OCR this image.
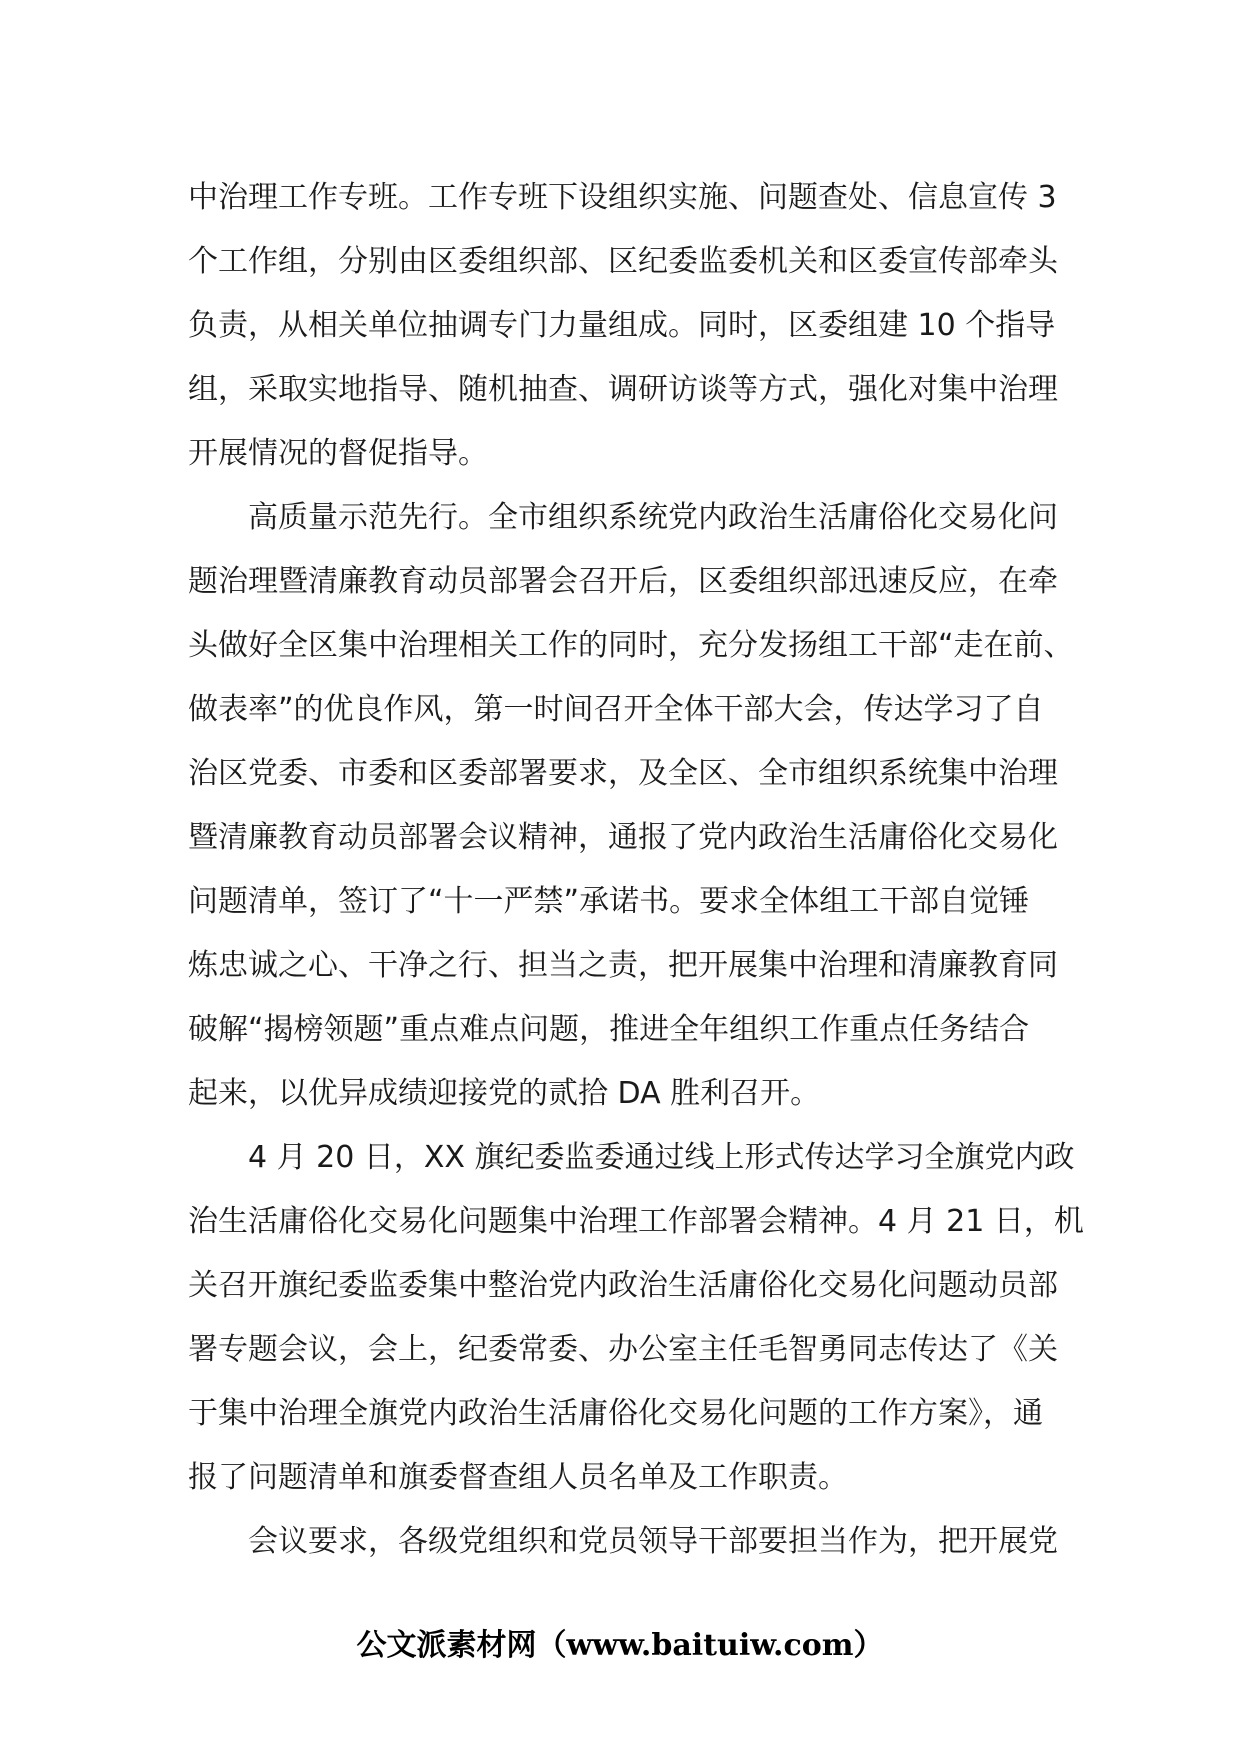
中治理工作专班。工作专班下设组织实施、问题查处、信息宣传 3
个工作组，分别由区委组织部、区纪委监委机关和区委宣传部牵头
负责，从相关单位抽调专门力量组成。同时，区委组建 10 个指导
组，采取实地指导、随机抽查、调研访谈等方式，强化对集中治理
开展情况的督促指导。
高质量示范先行。全市组织系统党内政治生活庸俗化交易化问
题治理暨清廉教育动员部署会召开后，区委组织部迅速反应，在牵
头做好全区集中治理相关工作的同时，充分发扬组工干部“走在前、
做表率”的优良作风，第一时间召开全体干部大会，传达学习了自
治区党委、市委和区委部署要求，及全区、全市组织系统集中治理
暨清廉教育动员部署会议精神，通报了党内政治生活庸俗化交易化
问题清单，签订了“十一严禁”承诺书。要求全体组工干部自觉锤
炼忠诚之心、干净之行、担当之责，把开展集中治理和清廉教育同
破解“揭榜领题”重点难点问题，推进全年组织工作重点任务结合
起来，以优异成绩迎接党的贰拾 DA 胜利召开。
4 月 20 日，XX 旗纪委监委通过线上形式传达学习全旗党内政
治生活庸俗化交易化问题集中治理工作部署会精神。4 月 21 日，机
关召开旗纪委监委集中整治党内政治生活庸俗化交易化问题动员部
署专题会议，会上，纪委常委、办公室主任毛智勇同志传达了《关
于集中治理全旗党内政治生活庸俗化交易化问题的工作方案》，通
报了问题清单和旗委督查组人员名单及工作职责。
会议要求，各级党组织和党员领导干部要担当作为，把开展党
公文派素材网（www.baituiw.com）
